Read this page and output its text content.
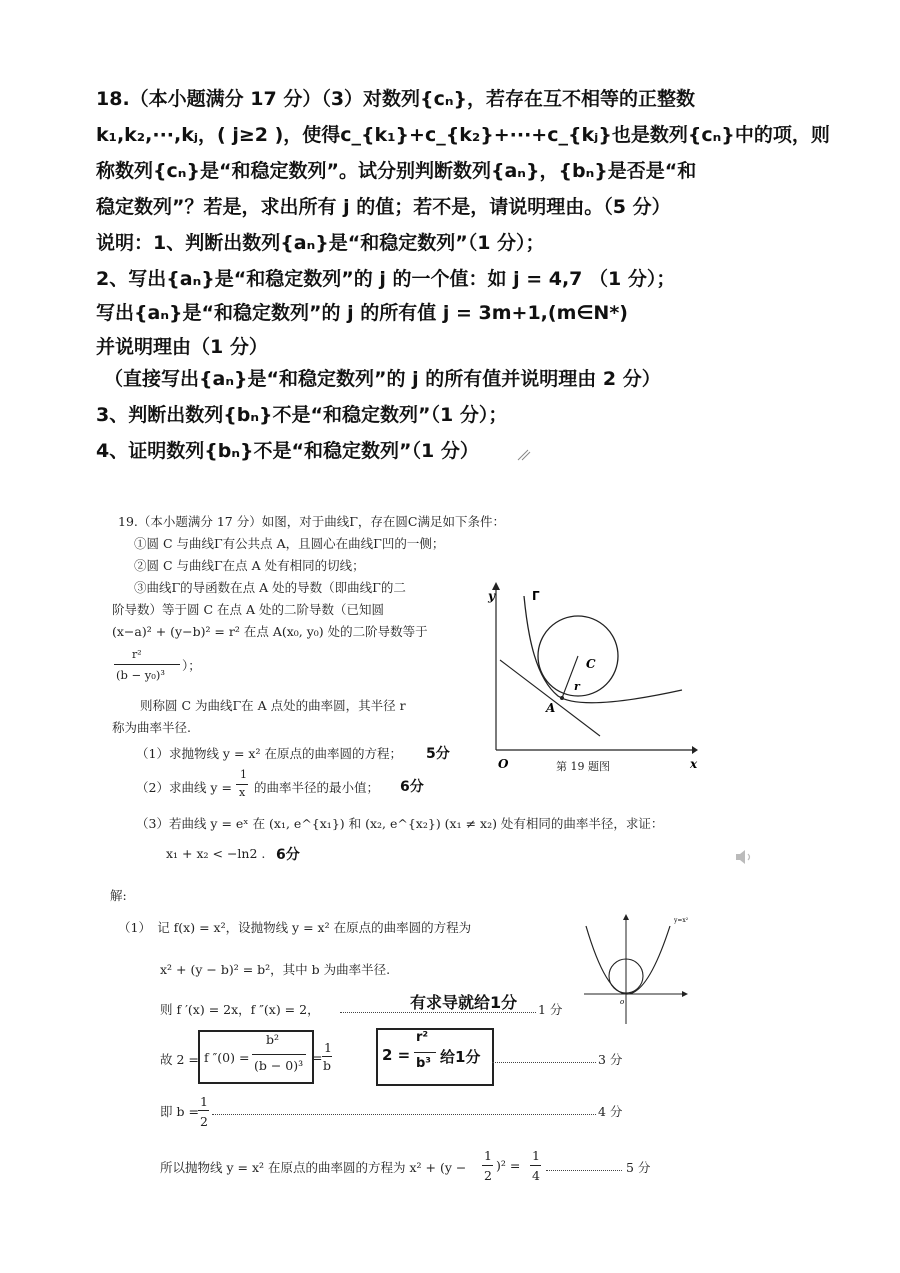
18.（本小题满分 17 分）（3）对数列{cₙ}，若存在互不相等的正整数
k₁,k₂,···,kⱼ，( j≥2 )，使得c_{k₁}+c_{k₂}+···+c_{kⱼ}也是数列{cₙ}中的项，则
称数列{cₙ}是“和稳定数列”。试分别判断数列{aₙ}，{bₙ}是否是“和
稳定数列”？若是，求出所有 j 的值；若不是，请说明理由。（5 分）
说明：1、判断出数列{aₙ}是“和稳定数列”（1 分）；
2、写出{aₙ}是“和稳定数列”的 j 的一个值：如 j = 4,7 （1 分）；
写出{aₙ}是“和稳定数列”的 j 的所有值 j = 3m+1,(m∈N*)
并说明理由（1 分）
（直接写出{aₙ}是“和稳定数列”的 j 的所有值并说明理由 2 分）
3、判断出数列{bₙ}不是“和稳定数列”（1 分）；
4、证明数列{bₙ}不是“和稳定数列”（1 分）
19.（本小题满分 17 分）如图，对于曲线Γ，存在圆C满足如下条件：
①圆 C 与曲线Γ有公共点 A，且圆心在曲线Γ凹的一侧；
②圆 C 与曲线Γ在点 A 处有相同的切线；
③曲线Γ的导函数在点 A 处的导数（即曲线Γ的二
阶导数）等于圆 C 在点 A 处的二阶导数（已知圆
(x−a)² + (y−b)² = r² 在点 A(x₀, y₀) 处的二阶导数等于
r²
(b − y₀)³
）；
则称圆 C 为曲线Γ在 A 点处的曲率圆，其半径 r
称为曲率半径.
（1）求抛物线 y = x² 在原点的曲率圆的方程； 5分
（2）求曲线 y =
1
x 的曲率半径的最小值； 6分
（3）若曲线 y = eˣ 在 (x₁, e^{x₁}) 和 (x₂, e^{x₂}) (x₁ ≠ x₂) 处有相同的曲率半径，求证：
x₁ + x₂ < −ln2 . 6分
y
x
O
Γ
C
r
A
第 19 题图
解:
（1）　记 f(x) = x²，设抛物线 y = x² 在原点的曲率圆的方程为
x² + (y − b)² = b²，其中 b 为曲率半径.
y=x²
o
则 f ′(x) = 2x，f ″(x) = 2，	1 分
有求导就给1分
故 2 = f ″(0) =
b²
(b − 0)³
=
1
b
2 =
r²
b³ 给1分	3 分
即 b =
1
2
4 分
所以抛物线 y = x² 在原点的曲率圆的方程为 x² + (y −
1
2
)² =
1
4
5 分
